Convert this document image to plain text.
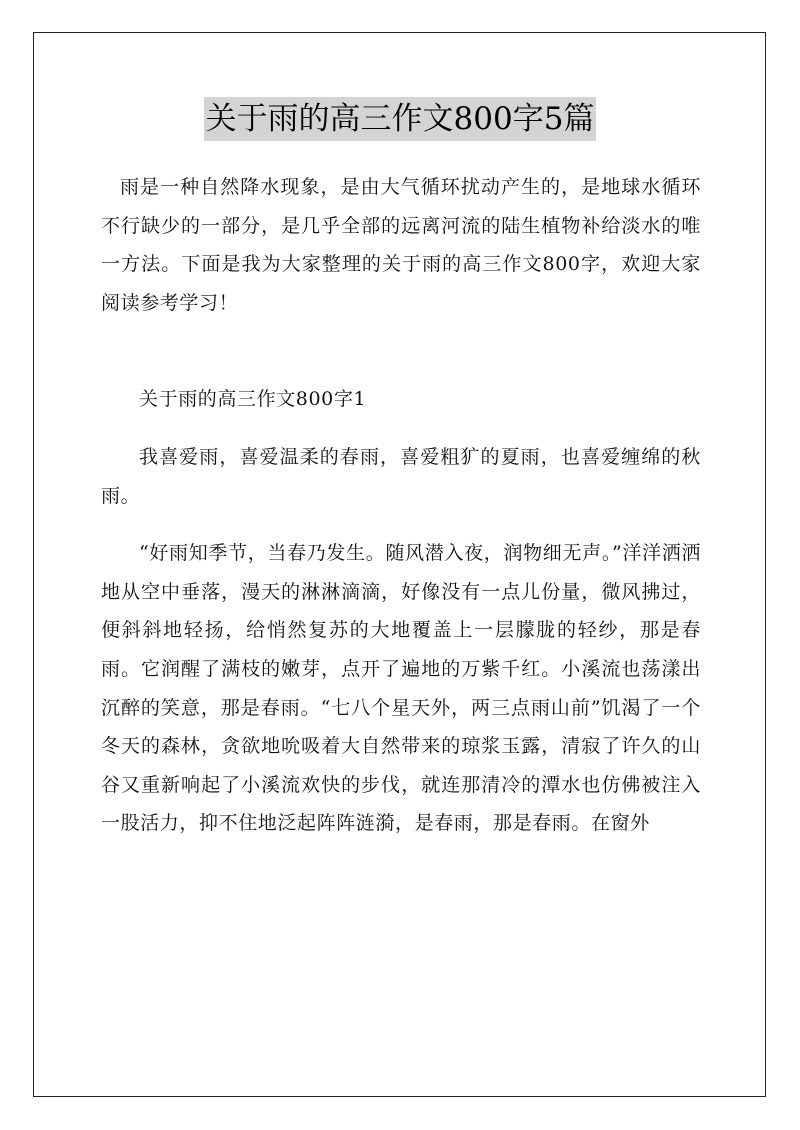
关于雨的高三作文800字5篇

雨是一种自然降水现象，是由大气循环扰动产生的，是地球水循环不行缺少的一部分，是几乎全部的远离河流的陆生植物补给淡水的唯一方法。下面是我为大家整理的关于雨的高三作文800字，欢迎大家阅读参考学习！

关于雨的高三作文800字1

我喜爱雨，喜爱温柔的春雨，喜爱粗犷的夏雨，也喜爱缠绵的秋雨。

“好雨知季节，当春乃发生。随风潜入夜，润物细无声。”洋洋洒洒地从空中垂落，漫天的淋淋滴滴，好像没有一点儿份量，微风拂过，便斜斜地轻扬，给悄然复苏的大地覆盖上一层朦胧的轻纱，那是春雨。它润醒了满枝的嫩芽，点开了遍地的万紫千红。小溪流也荡漾出沉醉的笑意，那是春雨。“七八个星天外，两三点雨山前”饥渴了一个冬天的森林，贪欲地吮吸着大自然带来的琼浆玉露，清寂了许久的山谷又重新响起了小溪流欢快的步伐，就连那清冷的潭水也仿佛被注入一股活力，抑不住地泛起阵阵涟漪，是春雨，那是春雨。在窗外
